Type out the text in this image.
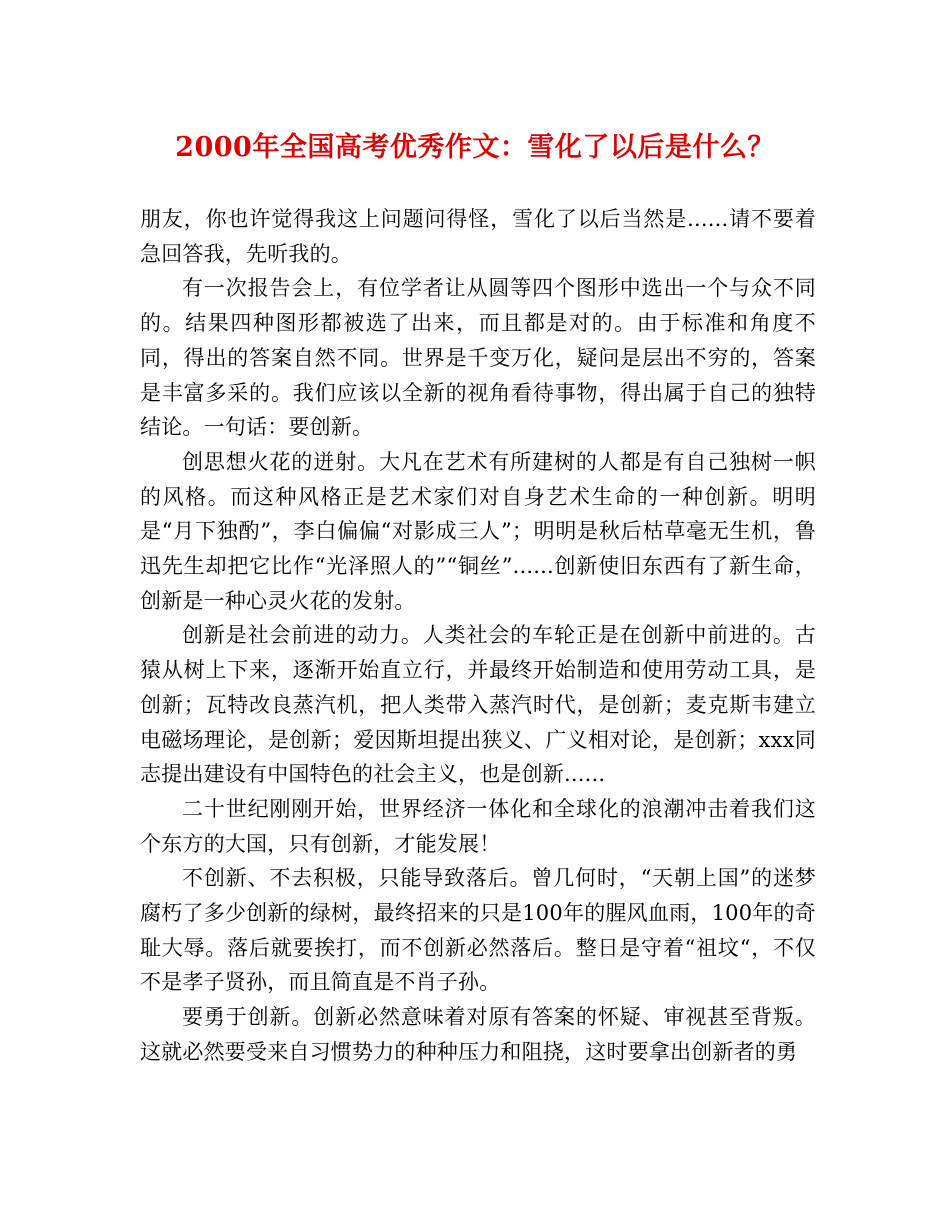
2000年全国高考优秀作文：雪化了以后是什么？

朋友，你也许觉得我这上问题问得怪，雪化了以后当然是......请不要着急回答我，先听我的。

有一次报告会上，有位学者让从圆等四个图形中选出一个与众不同的。结果四种图形都被选了出来，而且都是对的。由于标准和角度不同，得出的答案自然不同。世界是千变万化，疑问是层出不穷的，答案是丰富多采的。我们应该以全新的视角看待事物，得出属于自己的独特结论。一句话：要创新。

创思想火花的迸射。大凡在艺术有所建树的人都是有自己独树一帜的风格。而这种风格正是艺术家们对自身艺术生命的一种创新。明明是“月下独酌”，李白偏偏“对影成三人”；明明是秋后枯草毫无生机，鲁迅先生却把它比作“光泽照人的”“铜丝”......创新使旧东西有了新生命，创新是一种心灵火花的发射。

创新是社会前进的动力。人类社会的车轮正是在创新中前进的。古猿从树上下来，逐渐开始直立行，并最终开始制造和使用劳动工具，是创新；瓦特改良蒸汽机，把人类带入蒸汽时代，是创新；麦克斯韦建立电磁场理论，是创新；爱因斯坦提出狭义、广义相对论，是创新；xxx同志提出建设有中国特色的社会主义，也是创新......

二十世纪刚刚开始，世界经济一体化和全球化的浪潮冲击着我们这个东方的大国，只有创新，才能发展！

不创新、不去积极，只能导致落后。曾几何时，“天朝上国”的迷梦腐朽了多少创新的绿树，最终招来的只是100年的腥风血雨，100年的奇耻大辱。落后就要挨打，而不创新必然落后。整日是守着“祖坟“，不仅不是孝子贤孙，而且简直是不肖子孙。

要勇于创新。创新必然意味着对原有答案的怀疑、审视甚至背叛。这就必然要受来自习惯势力的种种压力和阻挠，这时要拿出创新者的勇
